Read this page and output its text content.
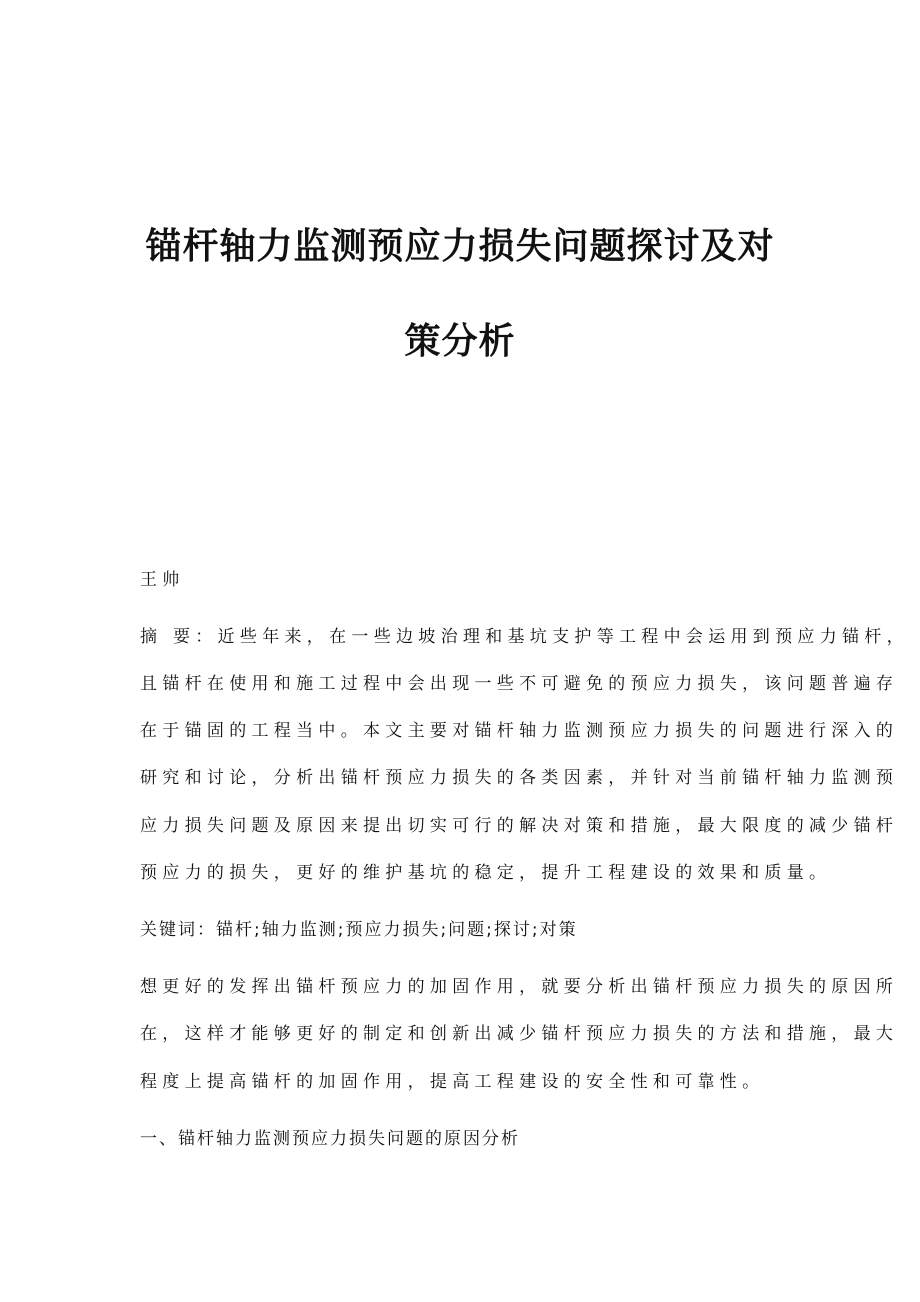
锚杆轴力监测预应力损失问题探讨及对
策分析
王帅
摘 要：近些年来，在一些边坡治理和基坑支护等工程中会运用到预应力锚杆，
且锚杆在使用和施工过程中会出现一些不可避免的预应力损失，该问题普遍存
在于锚固的工程当中。本文主要对锚杆轴力监测预应力损失的问题进行深入的
研究和讨论，分析出锚杆预应力损失的各类因素，并针对当前锚杆轴力监测预
应力损失问题及原因来提出切实可行的解决对策和措施，最大限度的减少锚杆
预应力的损失，更好的维护基坑的稳定，提升工程建设的效果和质量。
关键词：锚杆;轴力监测;预应力损失;问题;探讨;对策
想更好的发挥出锚杆预应力的加固作用，就要分析出锚杆预应力损失的原因所
在，这样才能够更好的制定和创新出减少锚杆预应力损失的方法和措施，最大
程度上提高锚杆的加固作用，提高工程建设的安全性和可靠性。
一、锚杆轴力监测预应力损失问题的原因分析
